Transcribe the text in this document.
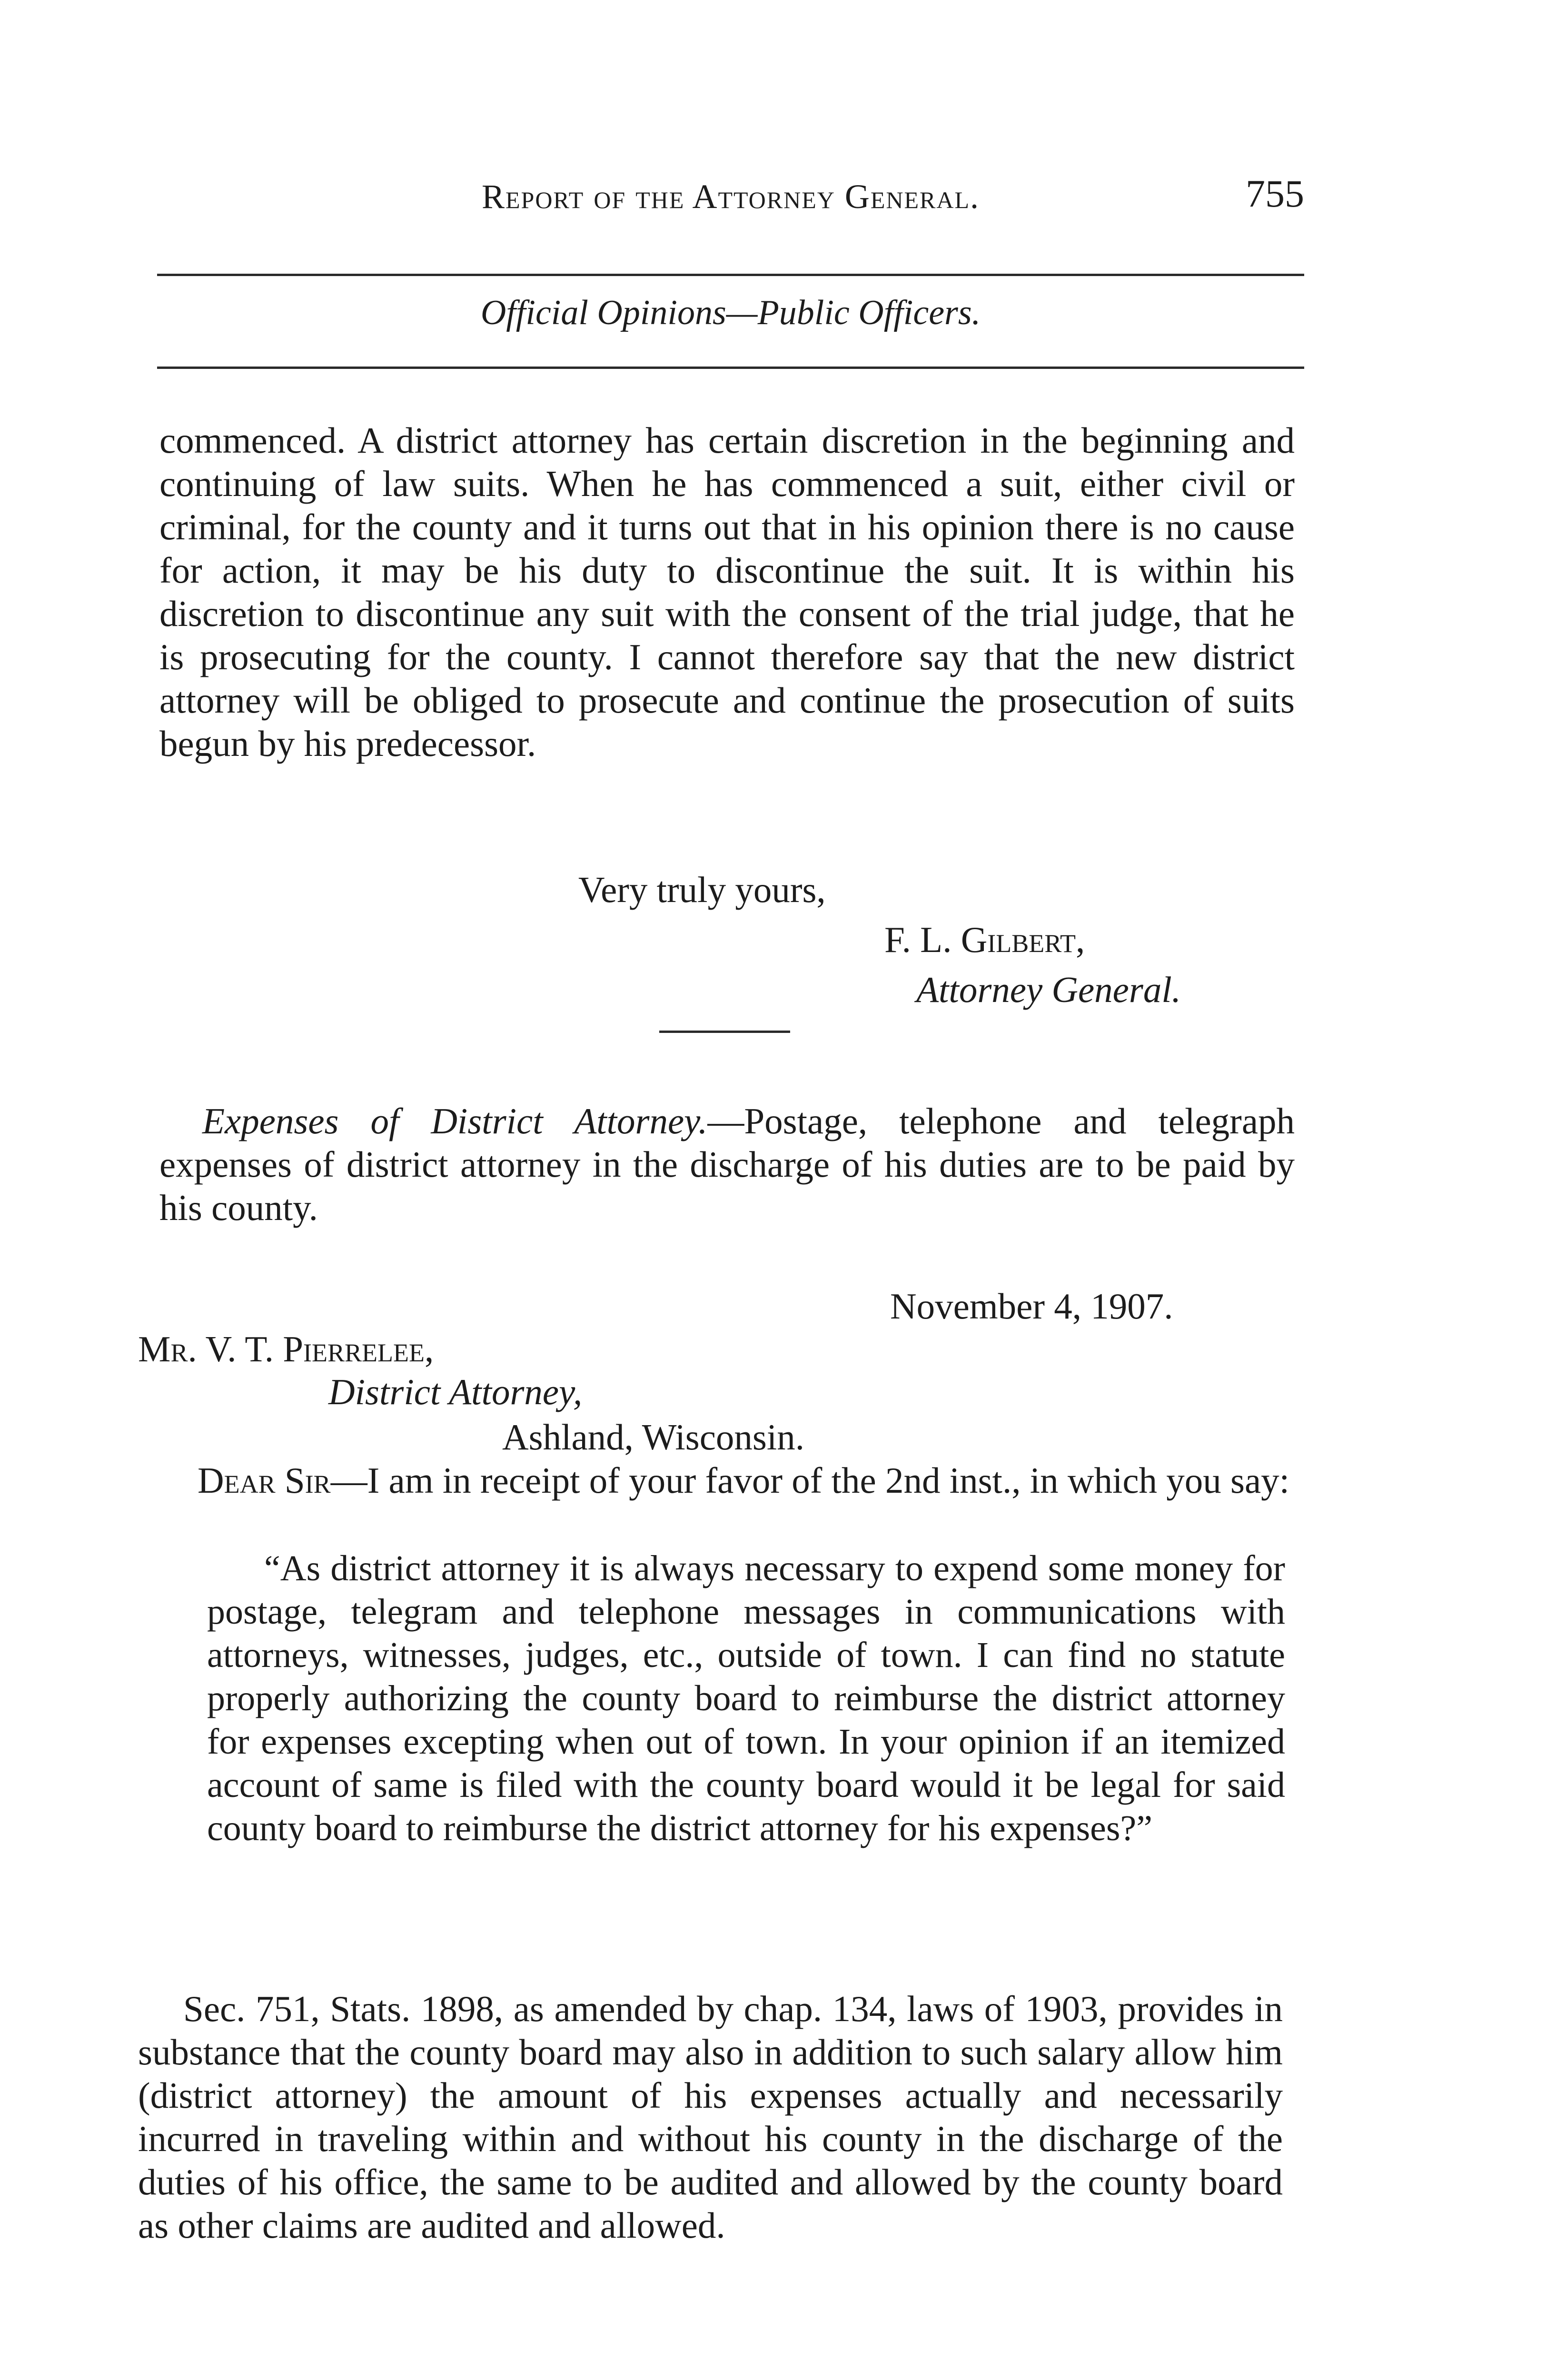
Report of the Attorney General.	755
Official Opinions—Public Officers.
commenced. A district attorney has certain discretion in the beginning and continuing of law suits. When he has commenced a suit, either civil or criminal, for the county and it turns out that in his opinion there is no cause for action, it may be his duty to discontinue the suit. It is within his discretion to discontinue any suit with the consent of the trial judge, that he is prosecuting for the county. I cannot therefore say that the new district attorney will be obliged to prosecute and continue the prosecution of suits begun by his predecessor.
Very truly yours,
F. L. Gilbert,
Attorney General.
Expenses of District Attorney.—Postage, telephone and telegraph expenses of district attorney in the discharge of his duties are to be paid by his county.
November 4, 1907.
Mr. V. T. Pierrelee,
District Attorney,
Ashland, Wisconsin.
Dear Sir—I am in receipt of your favor of the 2nd inst., in which you say:
“As district attorney it is always necessary to expend some money for postage, telegram and telephone messages in communications with attorneys, witnesses, judges, etc., outside of town. I can find no statute properly authorizing the county board to reimburse the district attorney for expenses excepting when out of town. In your opinion if an itemized account of same is filed with the county board would it be legal for said county board to reimburse the district attorney for his expenses?”
Sec. 751, Stats. 1898, as amended by chap. 134, laws of 1903, provides in substance that the county board may also in addition to such salary allow him (district attorney) the amount of his expenses actually and necessarily incurred in traveling within and without his county in the discharge of the duties of his office, the same to be audited and allowed by the county board as other claims are audited and allowed.
